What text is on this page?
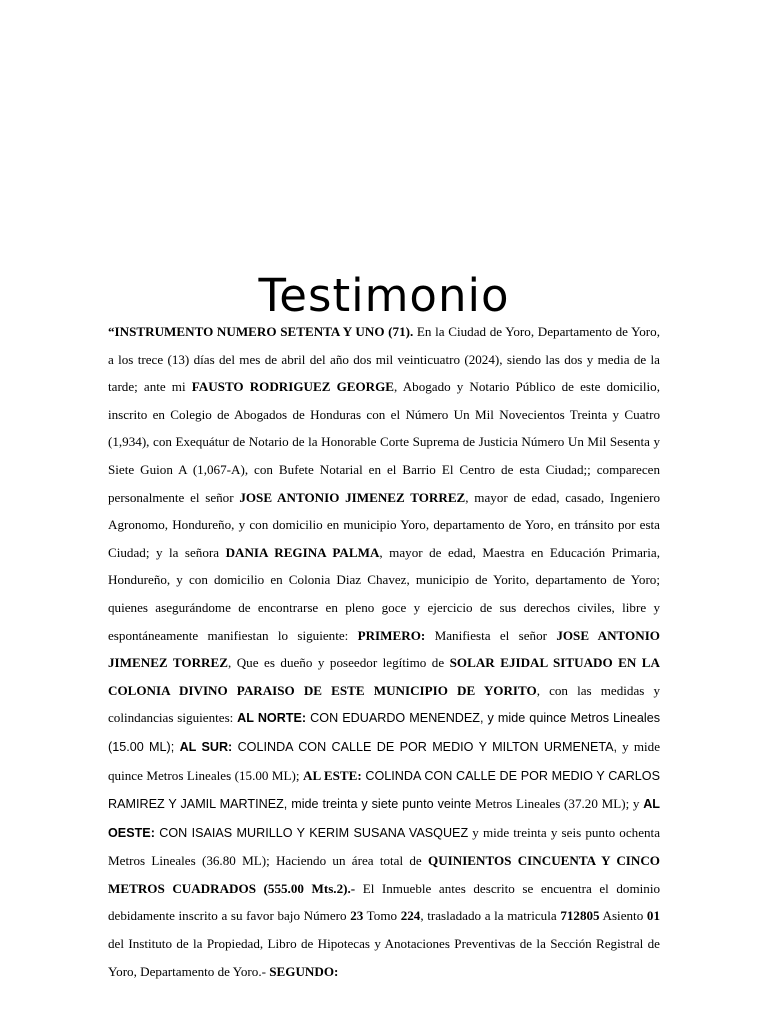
Testimonio

“INSTRUMENTO NUMERO SETENTA Y UNO (71). En la Ciudad de Yoro, Departamento de Yoro, a los trece (13) días del mes de abril del año dos mil veinticuatro (2024), siendo las dos y media de la tarde; ante mi FAUSTO RODRIGUEZ GEORGE, Abogado y Notario Público de este domicilio, inscrito en Colegio de Abogados de Honduras con el Número Un Mil Novecientos Treinta y Cuatro (1,934), con Exequátur de Notario de la Honorable Corte Suprema de Justicia Número Un Mil Sesenta y Siete Guion A (1,067-A), con Bufete Notarial en el Barrio El Centro de esta Ciudad;; comparecen personalmente el señor JOSE ANTONIO JIMENEZ TORREZ, mayor de edad, casado, Ingeniero Agronomo, Hondureño, y con domicilio en municipio Yoro, departamento de Yoro, en tránsito por esta Ciudad; y la señora DANIA REGINA PALMA, mayor de edad, Maestra en Educación Primaria, Hondureño, y con domicilio en Colonia Diaz Chavez, municipio de Yorito, departamento de Yoro; quienes asegurándome de encontrarse en pleno goce y ejercicio de sus derechos civiles, libre y espontáneamente manifiestan lo siguiente: PRIMERO: Manifiesta el señor JOSE ANTONIO JIMENEZ TORREZ, Que es dueño y poseedor legítimo de SOLAR EJIDAL SITUADO EN LA COLONIA DIVINO PARAISO DE ESTE MUNICIPIO DE YORITO, con las medidas y colindancias siguientes: AL NORTE: CON EDUARDO MENENDEZ, y mide quince Metros Lineales (15.00 ML); AL SUR: COLINDA CON CALLE DE POR MEDIO Y MILTON URMENETA, y mide quince Metros Lineales (15.00 ML); AL ESTE: COLINDA CON CALLE DE POR MEDIO Y CARLOS RAMIREZ Y JAMIL MARTINEZ, mide treinta y siete punto veinte Metros Lineales (37.20 ML); y AL OESTE: CON ISAIAS MURILLO Y KERIM SUSANA VASQUEZ y mide treinta y seis punto ochenta Metros Lineales (36.80 ML); Haciendo un área total de QUINIENTOS CINCUENTA Y CINCO METROS CUADRADOS (555.00 Mts.2).- El Inmueble antes descrito se encuentra el dominio debidamente inscrito a su favor bajo Número 23 Tomo 224, trasladado a la matricula 712805 Asiento 01 del Instituto de la Propiedad, Libro de Hipotecas y Anotaciones Preventivas de la Sección Registral de Yoro, Departamento de Yoro.- SEGUNDO:
